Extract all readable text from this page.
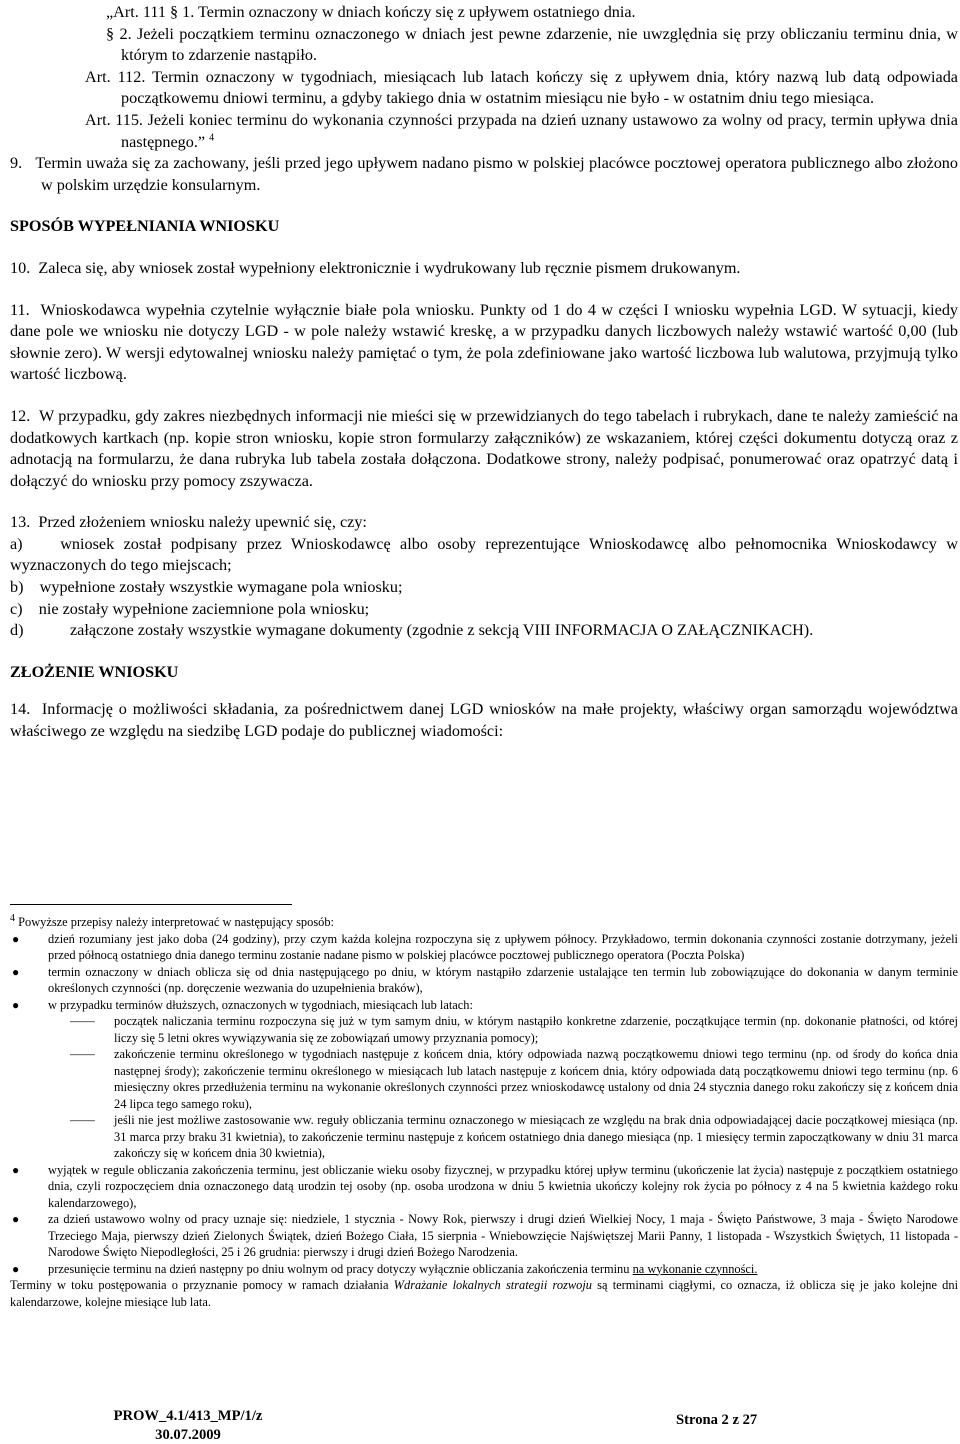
„Art. 111 § 1. Termin oznaczony w dniach kończy się z upływem ostatniego dnia.
§ 2. Jeżeli początkiem terminu oznaczonego w dniach jest pewne zdarzenie, nie uwzględnia się przy obliczaniu terminu dnia, w którym to zdarzenie nastąpiło.
Art. 112. Termin oznaczony w tygodniach, miesiącach lub latach kończy się z upływem dnia, który nazwą lub datą odpowiada początkowemu dniowi terminu, a gdyby takiego dnia w ostatnim miesiącu nie było - w ostatnim dniu tego miesiąca.
Art. 115. Jeżeli koniec terminu do wykonania czynności przypada na dzień uznany ustawowo za wolny od pracy, termin upływa dnia następnego.” $^4$
9. Termin uważa się za zachowany, jeśli przed jego upływem nadano pismo w polskiej placówce pocztowej operatora publicznego albo złożono w polskim urzędzie konsularnym.
SPOSÓB WYPEŁNIANIA WNIOSKU
10. Zaleca się, aby wniosek został wypełniony elektronicznie i wydrukowany lub ręcznie pismem drukowanym.
11. Wnioskodawca wypełnia czytelnie wyłącznie białe pola wniosku. Punkty od 1 do 4 w części I wniosku wypełnia LGD. W sytuacji, kiedy dane pole we wniosku nie dotyczy LGD - w pole należy wstawić kreskę, a w przypadku danych liczbowych należy wstawić wartość 0,00 (lub słownie zero). W wersji edytowalnej wniosku należy pamiętać o tym, że pola zdefiniowane jako wartość liczbowa lub walutowa, przyjmują tylko wartość liczbową.
12. W przypadku, gdy zakres niezbędnych informacji nie mieści się w przewidzianych do tego tabelach i rubrykach, dane te należy zamieścić na dodatkowych kartkach (np. kopie stron wniosku, kopie stron formularzy załączników) ze wskazaniem, której części dokumentu dotyczą oraz z adnotacją na formularzu, że dana rubryka lub tabela została dołączona. Dodatkowe strony, należy podpisać, ponumerować oraz opatrzyć datą i dołączyć do wniosku przy pomocy zszywacza.
13. Przed złożeniem wniosku należy upewnić się, czy:
a) wniosek został podpisany przez Wnioskodawcę albo osoby reprezentujące Wnioskodawcę albo pełnomocnika Wnioskodawcy w wyznaczonych do tego miejscach;
b) wypełnione zostały wszystkie wymagane pola wniosku;
c) nie zostały wypełnione zaciemnione pola wniosku;
d)	załączone zostały wszystkie wymagane dokumenty (zgodnie z sekcją VIII INFORMACJA O ZAŁĄCZNIKACH).
ZŁOŻENIE WNIOSKU
14. Informację o możliwości składania, za pośrednictwem danej LGD wniosków na małe projekty, właściwy organ samorządu województwa właściwego ze względu na siedzibę LGD podaje do publicznej wiadomości:
$^4$ Powyższe przepisy należy interpretować w następujący sposób:
● dzień rozumiany jest jako doba (24 godziny), przy czym każda kolejna rozpoczyna się z upływem północy. Przykładowo, termin dokonania czynności zostanie dotrzymany, jeżeli przed północą ostatniego dnia danego terminu zostanie nadane pismo w polskiej placówce pocztowej publicznego operatora (Poczta Polska)
● termin oznaczony w dniach oblicza się od dnia następującego po dniu, w którym nastąpiło zdarzenie ustalające ten termin lub zobowiązujące do dokonania w danym terminie określonych czynności (np. doręczenie wezwania do uzupełnienia braków),
● w przypadku terminów dłuższych, oznaczonych w tygodniach, miesiącach lub latach:
—— początek naliczania terminu rozpoczyna się już w tym samym dniu, w którym nastąpiło konkretne zdarzenie, początkujące termin (np. dokonanie płatności, od której liczy się 5 letni okres wywiązywania się ze zobowiązań umowy przyznania pomocy);
—— zakończenie terminu określonego w tygodniach następuje z końcem dnia, który odpowiada nazwą początkowemu dniowi tego terminu (np. od środy do końca dnia następnej środy); zakończenie terminu określonego w miesiącach lub latach następuje z końcem dnia, który odpowiada datą początkowemu dniowi tego terminu (np. 6 miesięczny okres przedłużenia terminu na wykonanie określonych czynności przez wnioskodawcę ustalony od dnia 24 stycznia danego roku zakończy się z końcem dnia 24 lipca tego samego roku),
—— jeśli nie jest możliwe zastosowanie ww. reguły obliczania terminu oznaczonego w miesiącach ze względu na brak dnia odpowiadającej dacie początkowej miesiąca (np. 31 marca przy braku 31 kwietnia), to zakończenie terminu następuje z końcem ostatniego dnia danego miesiąca (np. 1 miesięcy termin zapoczątkowany w dniu 31 marca zakończy się w końcem dnia 30 kwietnia),
● wyjątek w regule obliczania zakończenia terminu, jest obliczanie wieku osoby fizycznej, w przypadku której upływ terminu (ukończenie lat życia) następuje z początkiem ostatniego dnia, czyli rozpoczęciem dnia oznaczonego datą urodzin tej osoby (np. osoba urodzona w dniu 5 kwietnia ukończy kolejny rok życia po północy z 4 na 5 kwietnia każdego roku kalendarzowego),
● za dzień ustawowo wolny od pracy uznaje się: niedziele, 1 stycznia - Nowy Rok, pierwszy i drugi dzień Wielkiej Nocy, 1 maja - Święto Państwowe, 3 maja - Święto Narodowe Trzeciego Maja, pierwszy dzień Zielonych Świątek, dzień Bożego Ciała, 15 sierpnia - Wniebowzięcie Najświętszej Marii Panny, 1 listopada - Wszystkich Świętych, 11 listopada - Narodowe Święto Niepodległości, 25 i 26 grudnia: pierwszy i drugi dzień Bożego Narodzenia.
● przesunięcie terminu na dzień następny po dniu wolnym od pracy dotyczy wyłącznie obliczania zakończenia terminu na wykonanie czynności.
Terminy w toku postępowania o przyznanie pomocy w ramach działania Wdrażanie lokalnych strategii rozwoju są terminami ciągłymi, co oznacza, iż oblicza się je jako kolejne dni kalendarzowe, kolejne miesiące lub lata.
PROW_4.1/413_MP/1/z
30.07.2009
Strona 2 z 27
